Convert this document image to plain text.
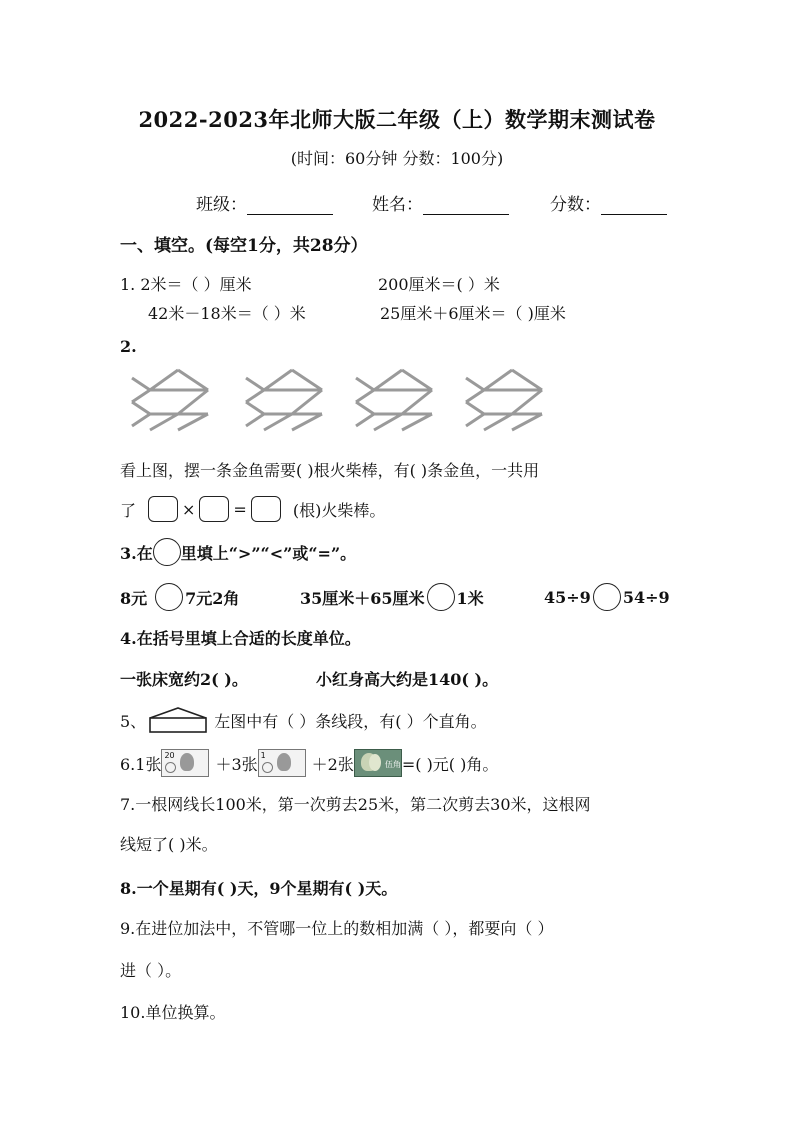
2022-2023年北师大版二年级（上）数学期末测试卷
(时间：60分钟 分数：100分)
班级：	姓名：	分数：
一、填空。(每空1分，共28分）
1. 2米＝（ ）厘米	200厘米＝( ）米
42米－18米＝（ ）米	25厘米＋6厘米＝（ )厘米
2.
看上图，摆一条金鱼需要( )根火柴棒，有( )条金鱼，一共用
了	× =	(根)火柴棒。
3.在 里填上“>”“<”或“=”。
8元 7元2角	35厘米＋65厘米 1米	45÷9 54÷9
4.在括号里填上合适的长度单位。
一张床宽约2( )。	小红身高大约是140( )。
5、	左图中有（ ）条线段，有( ）个直角。
6.1张 20	＋3张 1	＋2张	伍角 =( )元( )角。
7.一根网线长100米，第一次剪去25米，第二次剪去30米，这根网
线短了( )米。
8.一个星期有( )天，9个星期有( )天。
9.在进位加法中，不管哪一位上的数相加满（ ），都要向（ ）
进（ ）。
10.单位换算。
